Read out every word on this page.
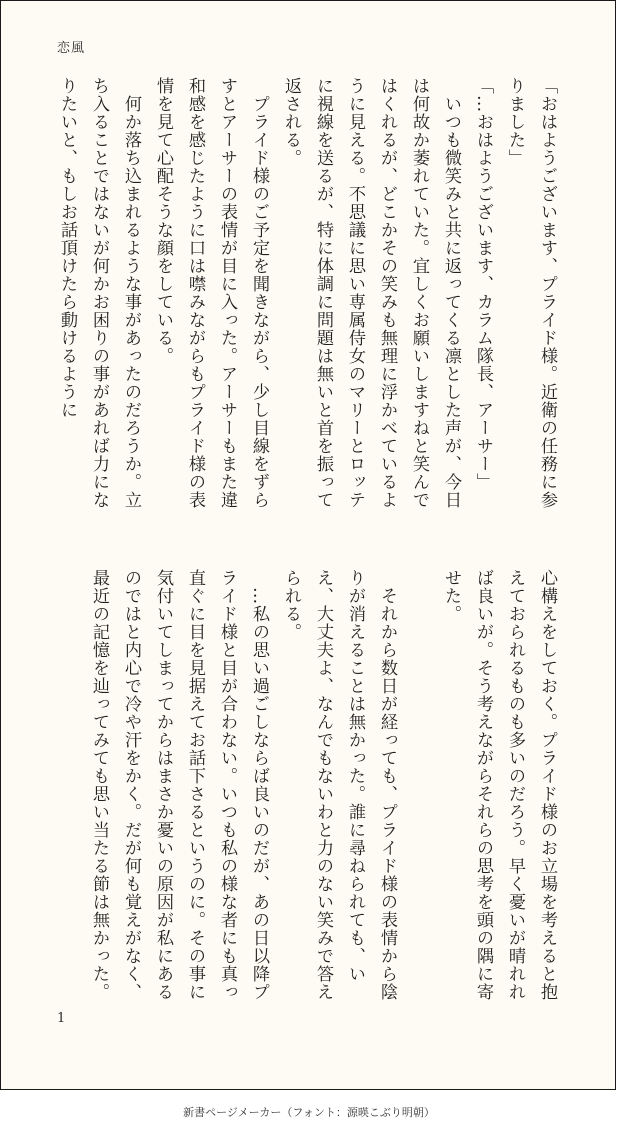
恋風

「おはようございます、プライド様。近衛の任務に参りました」

「…おはようございます、カラム隊長、アーサー」

　いつも微笑みと共に返ってくる凛とした声が、今日は何故か萎れていた。宜しくお願いしますねと笑んではくれるが、どこかその笑みも無理に浮かべているように見える。不思議に思い専属侍女のマリーとロッテに視線を送るが、特に体調に問題は無いと首を振って返される。

　プライド様のご予定を聞きながら、少し目線をずらすとアーサーの表情が目に入った。アーサーもまた違和感を感じたように口は噤みながらもプライド様の表情を見て心配そうな顔をしている。

　何か落ち込まれるような事があったのだろうか。立ち入ることではないが何かお困りの事があれば力になりたいと、もしお話頂けたら動けるように

心構えをしておく。プライド様のお立場を考えると抱えておられるものも多いのだろう。早く憂いが晴れれば良いが。そう考えながらそれらの思考を頭の隅に寄せた。

　それから数日が経っても、プライド様の表情から陰りが消えることは無かった。誰に尋ねられても、いえ、大丈夫よ、なんでもないわと力のない笑みで答えられる。

　…私の思い過ごしならば良いのだが、あの日以降プライド様と目が合わない。いつも私の様な者にも真っ直ぐに目を見据えてお話下さるというのに。その事に気付いてしまってからはまさか憂いの原因が私にあるのではと内心で冷や汗をかく。だが何も覚えがなく、最近の記憶を辿ってみても思い当たる節は無かった。

1
新書ページメーカー（フォント：源暎こぶり明朝）
